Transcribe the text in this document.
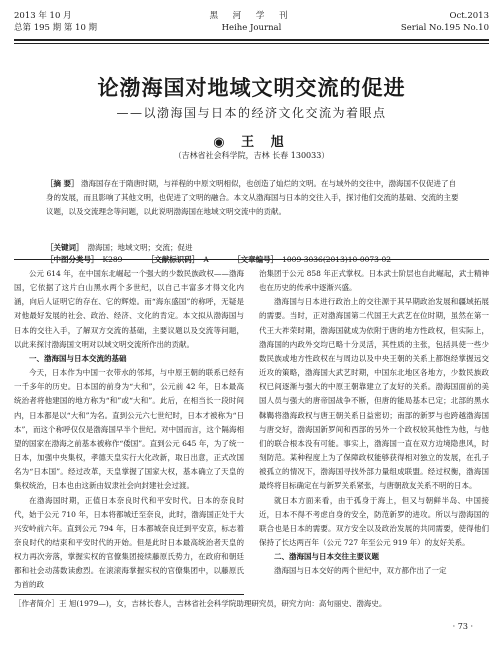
2013 年 10 月
总第 195 期 第 10 期
黑 河 学 刊
Heihe Journal
Oct.2013
Serial No.195 No.10
论渤海国对地域文明交流的促进
——以渤海国与日本的经济文化交流为着眼点
◉ 王 旭
（吉林省社会科学院，吉林 长春 130033）

［摘 要］ 渤海国存在于隋唐时期，与祥程的中原文明相似，也创造了灿烂的文明。在与域外的交往中，渤海国不仅促进了自身的发展，而且影响了其他文明，也促进了文明的融合。本文从渤海国与日本的交往入手，探讨他们交流的基础、交流的主要议题，以及交流理念等问题，以此说明渤海国在地域文明交流中的贡献。

［关键词］ 渤海国；地域文明；交流；促进

公元 614 年，在中国东北崛起一个强大的少数民族政权——渤海国，它依据了这片白山黑水两个多世纪，以自己丰富多才得文化内涵，向后人证明它的存在、它的辉煌。而“海东盛国”的称呼，无疑是对他最好发展的社会、政治、经济、文化的肯定。本文拟从渤海国与日本的交往入手，了解双方交流的基础，主要议题以及交流等问题，以此来探讨渤海国文明对以域文明交流所作出的贡献。

一、渤海国与日本交流的基础

今天，日本作为中国一衣带水的邻邦，与中原王朝的联系已经有一千多年的历史。日本国的前身为“大和”，公元前 42 年，日本最高统治者将他建国的地方称为“和”或“大和”。此后，在相当长一段时间内，日本都是以“大和”为名。直到公元六七世纪时，日本才被称为“日本”，而这个称呼仅仅是渤海国早半个世纪。对中国而言，这个隔海相望的国家在渤海之前基本被称作“倭国”。直到公元 645 年，为了统一日本，加强中央集权，孝德天皇实行大化改新，取日出意，正式改国名为“日本国”。经过改革，天皇掌握了国家大权，基本确立了天皇的集权统治，日本也由这新由奴隶社会向封建社会过渡。

在渤海国时期，正值日本奈良时代和平安时代。日本的奈良时代，始于公元 710 年，日本将都城迁至奈良，此时，渤海国正处于大兴安岭前六年。直到公元 794 年，日本都城奈良迁到平安京，标志着奈良时代的结束和平安时代的开始。但是此时日本最高统治者天皇的权力再次旁落，掌握实权的官僚集团接续藤原氏势力，在政府和朝廷都和社会动荡数读愈烈。在滚滚海掌握实权的官僚集团中，以藤原氏为首的政

治集团于公元 858 年正式掌权。日本武士阶层也自此崛起，武士精神也在历史的传承中逐渐兴盛。

渤海国与日本进行政治上的交往源于其早期政治发展和疆域拓展的需要。当时，正对渤海国第二代国王大武艺在位时期，虽然在第一代王大祚荣时期，渤海国就成为依附于唐的地方性政权，但实际上，渤海国的内政外交均已略十分灵活，其性质的主张，包括具使一些少数民族或地方性政权在与周边以及中央王朝的关系上都饱经掌握远交近攻的策略，渤海国大武艺时期，中国东北地区各地方，少数民族政权已间逐渐与强大的中原王朝靠建立了友好的关系。渤海国面前的美国人员与强大的唐帝国战争不断，但唐的能局基本已定；北部的黑水靺鞨将渤海政权与唐王朝关系日益密切；南部的新罗与也跨越渤海国与唐交好，渤海国新罗间和西部的另外一个政权较其他性为他，与他们的联合根本没有可能。事实上，渤海国一直在双方边境隐患风，时刻防范。某种程度上为了保障政权能够获得相对独立的发展，在孔子被孤立的情况下，渤海国寻找外部力量组成联盟。经过权衡，渤海国最终将目标确定在与新罗关系紧张，与唐朝敌友关系不明的日本。

就日本方面来看，由于孤身于海上，但又与朝鲜半岛、中国接近，日本不得不考虑自身的安全，防范新罗的进攻。所以与渤海国的联合也是日本的需要。双方安全以及政治发展的共同需要，使得他们保持了长达两百年（公元 727 年至公元 919 年）的友好关系。

二、渤海国与日本交往主要议题

渤海国与日本交好的两个世纪中，双方都作出了一定

［作者简介］王 旭(1979—)，女，吉林长春人，吉林省社会科学院助理研究员，研究方向：高句丽史、渤海史。
· 73 ·
